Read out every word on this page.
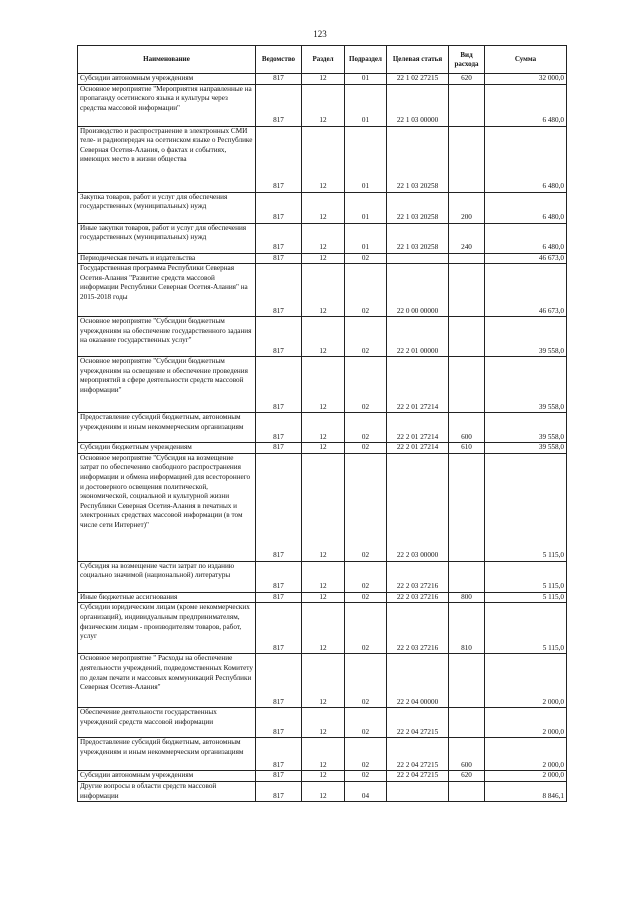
123
Наименование	Ведомство	Раздел	Подраздел	Целевая статья	Вид расхода	Сумма
Субсидии автономным учреждениям	817	12	01	22 1 02 27215	620	32 000,0
Основное мероприятие "Мероприятия направленные на пропаганду осетинского языка и культуры через средства массовой информации"	817	12	01	22 1 03 00000		6 480,0
Производство и распространение в электронных СМИ теле- и радиопередач на осетинском языке о Республике Северная Осетия-Алания, о фактах и событиях, имеющих место в жизни общества	817	12	01	22 1 03 20258		6 480,0
Закупка товаров, работ и услуг для обеспечения государственных (муниципальных) нужд	817	12	01	22 1 03 20258	200	6 480,0
Иные закупки товаров, работ и услуг для обеспечения государственных (муниципальных) нужд	817	12	01	22 1 03 20258	240	6 480,0
Периодическая печать и издательства	817	12	02			46 673,0
Государственная программа Республики Северная Осетия-Алания "Развитие средств массовой информации Республики Северная Осетия-Алания" на 2015-2018 годы	817	12	02	22 0 00 00000		46 673,0
Основное мероприятие "Субсидии бюджетным учреждениям на обеспечение государственного задания на оказание государственных услуг"	817	12	02	22 2 01 00000		39 558,0
Основное мероприятие "Субсидии бюджетным учреждениям на освещение и обеспечение проведения мероприятий в сфере деятельности средств массовой информации"	817	12	02	22 2 01 27214		39 558,0
Предоставление субсидий бюджетным, автономным учреждениям и иным некоммерческим организациям	817	12	02	22 2 01 27214	600	39 558,0
Субсидии бюджетным учреждениям	817	12	02	22 2 01 27214	610	39 558,0
Основное мероприятие "Субсидия на возмещение затрат по обеспечению свободного распространения информации и обмена информацией для всестороннего и достоверного освещения политической, экономической, социальной и культурной жизни Республики Северная Осетия-Алания в печатных и электронных средствах массовой информации (в том числе сети Интернет)"	817	12	02	22 2 03 00000		5 115,0
Субсидия на возмещение части затрат по изданию социально значимой (национальной) литературы	817	12	02	22 2 03 27216		5 115,0
Иные бюджетные ассигнования	817	12	02	22 2 03 27216	800	5 115,0
Субсидии юридическим лицам (кроме некоммерческих организаций), индивидуальным предпринимателям, физическим лицам - производителям товаров, работ, услуг	817	12	02	22 2 03 27216	810	5 115,0
Основное мероприятие " Расходы на обеспечение деятельности учреждений, подведомственных Комитету по делам печати и массовых коммуникаций Республики Северная Осетия-Алания"	817	12	02	22 2 04 00000		2 000,0
Обеспечение деятельности государственных учреждений средств массовой информации	817	12	02	22 2 04 27215		2 000,0
Предоставление субсидий бюджетным, автономным учреждениям и иным некоммерческим организациям	817	12	02	22 2 04 27215	600	2 000,0
Субсидии автономным учреждениям	817	12	02	22 2 04 27215	620	2 000,0
Другие вопросы в области средств массовой информации	817	12	04			8 846,1
